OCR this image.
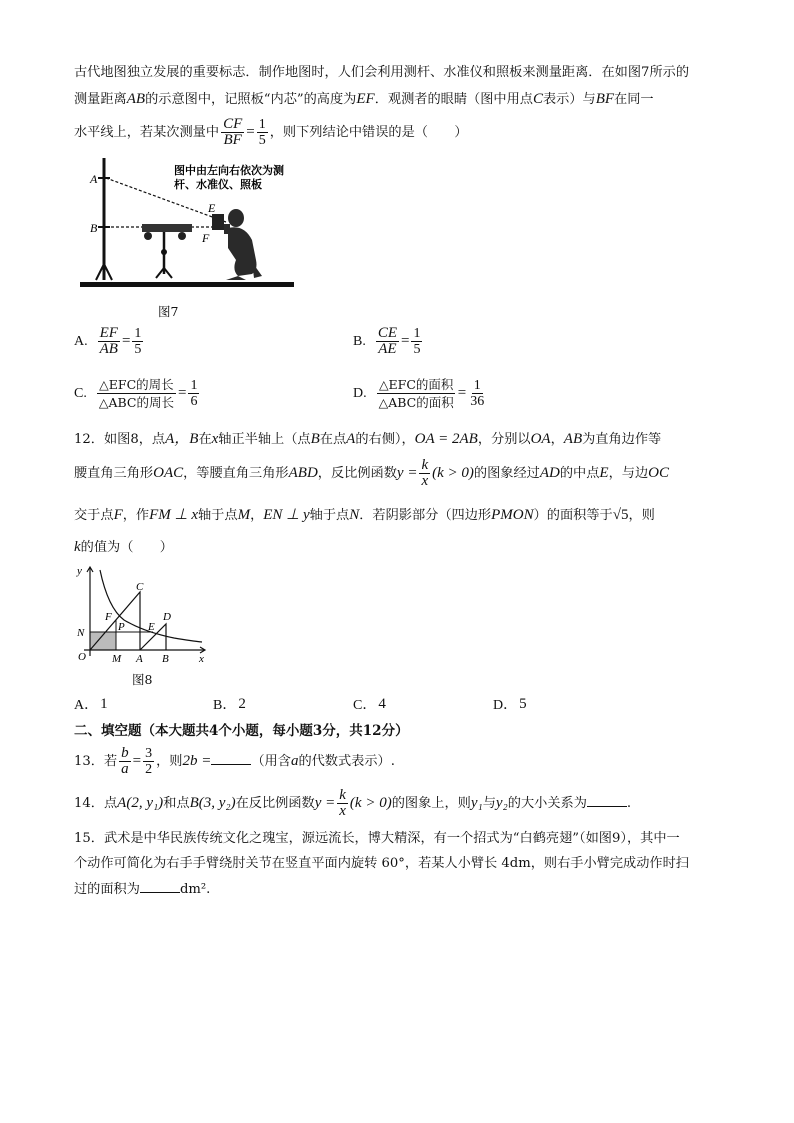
古代地图独立发展的重要标志．制作地图时，人们会利用测杆、水准仪和照板来测量距离．在如图7所示的
测量距离AB的示意图中，记照板“内芯”的高度为EF．观测者的眼睛（图中用点C表示）与BF在同一
水平线上，若某次测量中 $\frac{CF}{BF} = \frac{1}{5}$ ，则下列结论中错误的是（　　）
A
B
图中由左向右依次为测
杆、水准仪、照板
E
F
图7
A. $\frac{EF}{AB} = \frac{1}{5}$	B. $\frac{CE}{AE} = \frac{1}{5}$
C. $\frac{\text{△EFC的周长}}{\text{△ABC的周长}} = \frac{1}{6}$	D. $\frac{\text{△EFC的面积}}{\text{△ABC的面积}} = \frac{1}{36}$
12．如图8，点A，B在x轴正半轴上（点B在点A的右侧），OA = 2AB，分别以OA，AB为直角边作等
腰直角三角形OAC，等腰直角三角形ABD，反比例函数$y = \frac{k}{x} (k > 0)$的图象经过AD的中点E，与边OC
交于点F，作FM ⊥ x轴于点M，EN ⊥ y轴于点N．若阴影部分（四边形PMON）的面积等于√5，则
k的值为（　　）
y
x
O M A B
N	P
F
E
C
D
图8
A． 1	B． 2	C． 4	D． 5
二、填空题（本大题共4个小题，每小题3分，共12分）
13．若 $\frac{b}{a} = \frac{3}{2}$ ，则2b =	（用含a的代数式表示）.
14．点A(2, y₁)和点B(3, y₂)在反比例函数$y = \frac{k}{x} (k > 0)$的图象上，则y₁与y₂的大小关系为	.
15．武术是中华民族传统文化之瑰宝，源远流长，博大精深，有一个招式为“白鹤亮翅”（如图9），其中一
个动作可简化为右手手臂绕肘关节在竖直平面内旋转 60°，若某人小臂长 4dm，则右手小臂完成动作时扫
过的面积为	dm².
